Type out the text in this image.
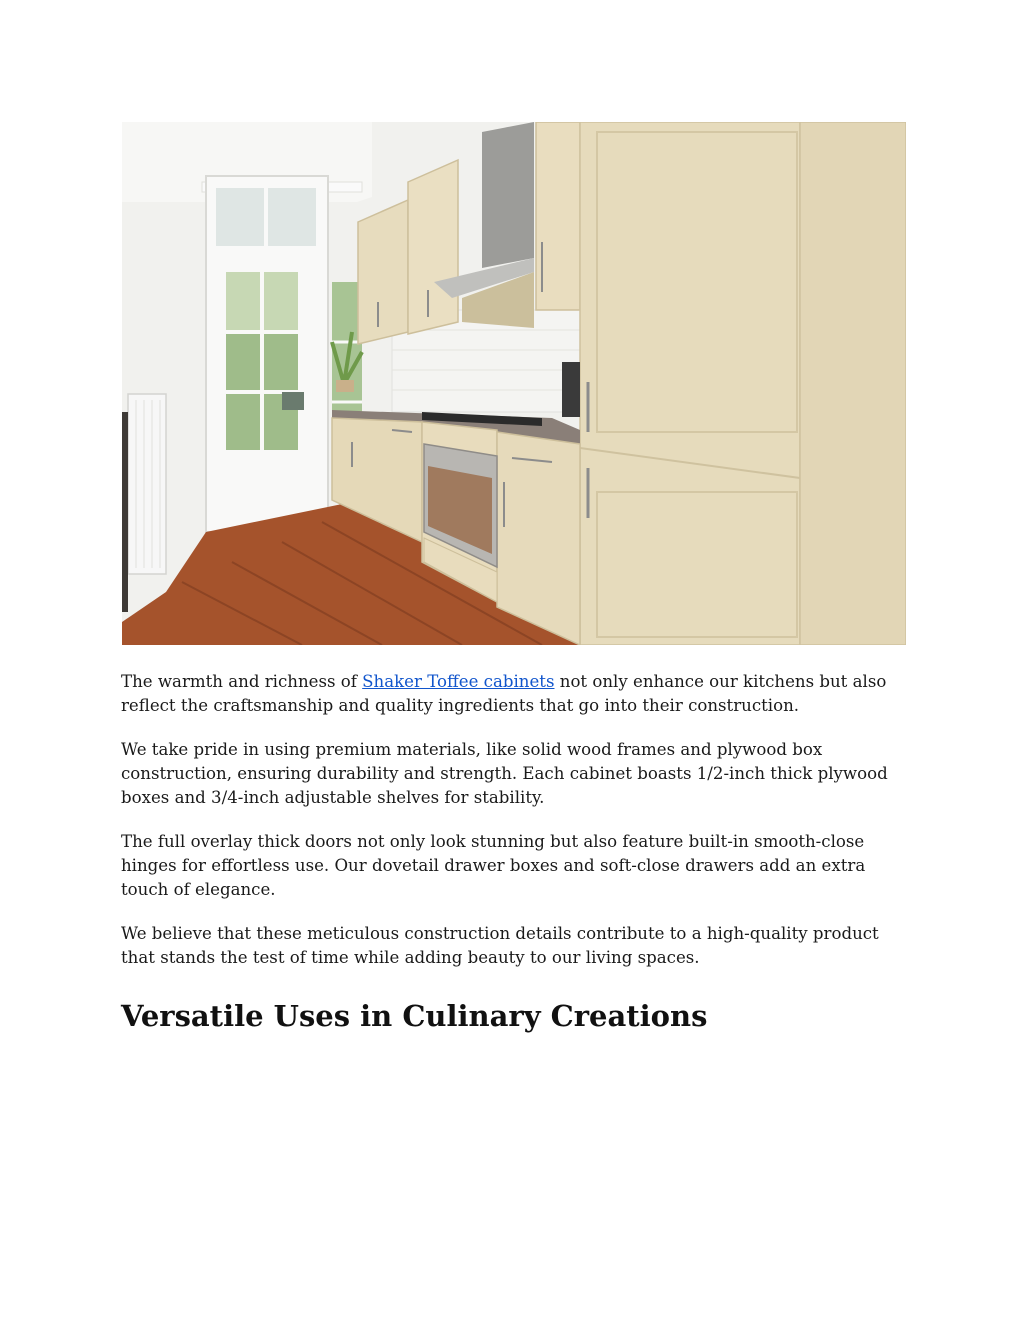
The warmth and richness of Shaker Toffee cabinets not only enhance our kitchens but also reflect the craftsmanship and quality ingredients that go into their construction.

We take pride in using premium materials, like solid wood frames and plywood box construction, ensuring durability and strength. Each cabinet boasts 1/2-inch thick plywood boxes and 3/4-inch adjustable shelves for stability.

The full overlay thick doors not only look stunning but also feature built-in smooth-close hinges for effortless use. Our dovetail drawer boxes and soft-close drawers add an extra touch of elegance.

We believe that these meticulous construction details contribute to a high-quality product that stands the test of time while adding beauty to our living spaces.

Versatile Uses in Culinary Creations
